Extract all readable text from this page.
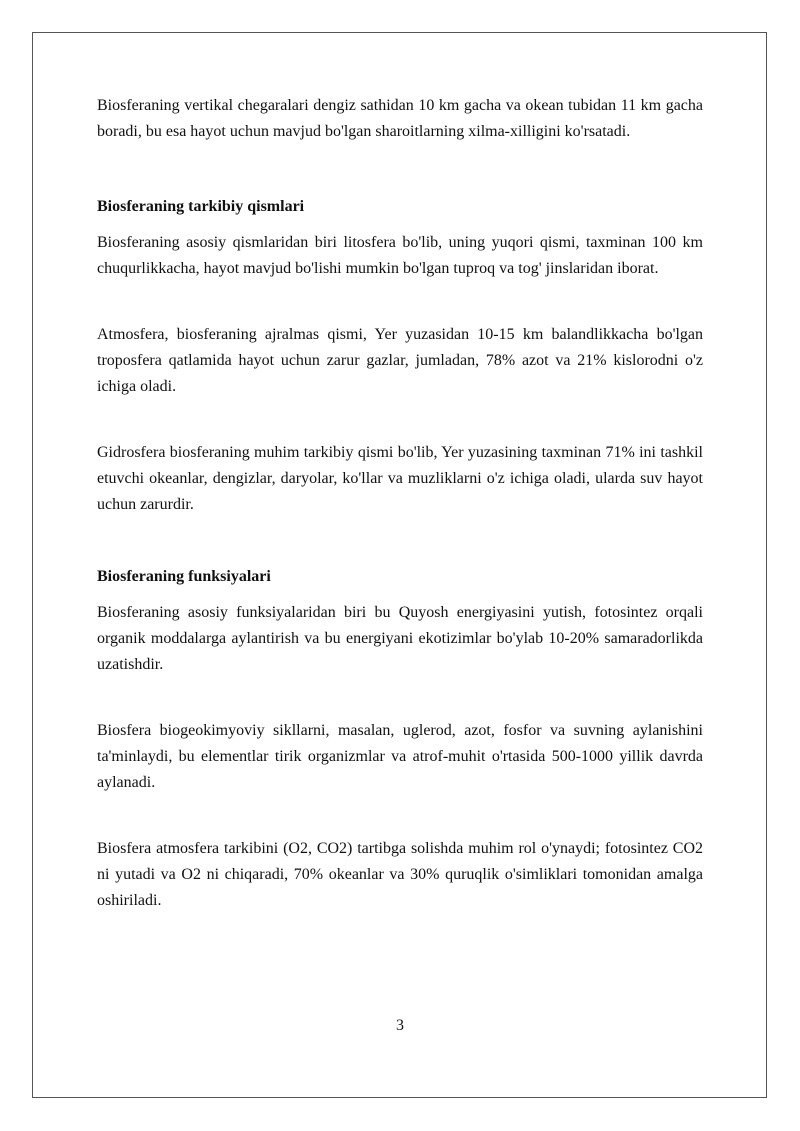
Biosferaning vertikal chegaralari dengiz sathidan 10 km gacha va okean tubidan 11 km gacha boradi, bu esa hayot uchun mavjud bo'lgan sharoitlarning xilma-xilligini ko'rsatadi.

Biosferaning tarkibiy qismlari

Biosferaning asosiy qismlaridan biri litosfera bo'lib, uning yuqori qismi, taxminan 100 km chuqurlikkacha, hayot mavjud bo'lishi mumkin bo'lgan tuproq va tog' jinslaridan iborat.

Atmosfera, biosferaning ajralmas qismi, Yer yuzasidan 10-15 km balandlikkacha bo'lgan troposfera qatlamida hayot uchun zarur gazlar, jumladan, 78% azot va 21% kislorodni o'z ichiga oladi.

Gidrosfera biosferaning muhim tarkibiy qismi bo'lib, Yer yuzasining taxminan 71% ini tashkil etuvchi okeanlar, dengizlar, daryolar, ko'llar va muzliklarni o'z ichiga oladi, ularda suv hayot uchun zarurdir.

Biosferaning funksiyalari

Biosferaning asosiy funksiyalaridan biri bu Quyosh energiyasini yutish, fotosintez orqali organik moddalarga aylantirish va bu energiyani ekotizimlar bo'ylab 10-20% samaradorlikda uzatishdir.

Biosfera biogeokimyoviy sikllarni, masalan, uglerod, azot, fosfor va suvning aylanishini ta'minlaydi, bu elementlar tirik organizmlar va atrof-muhit o'rtasida 500-1000 yillik davrda aylanadi.

Biosfera atmosfera tarkibini (O2, CO2) tartibga solishda muhim rol o'ynaydi; fotosintez CO2 ni yutadi va O2 ni chiqaradi, 70% okeanlar va 30% quruqlik o'simliklari tomonidan amalga oshiriladi.

3
